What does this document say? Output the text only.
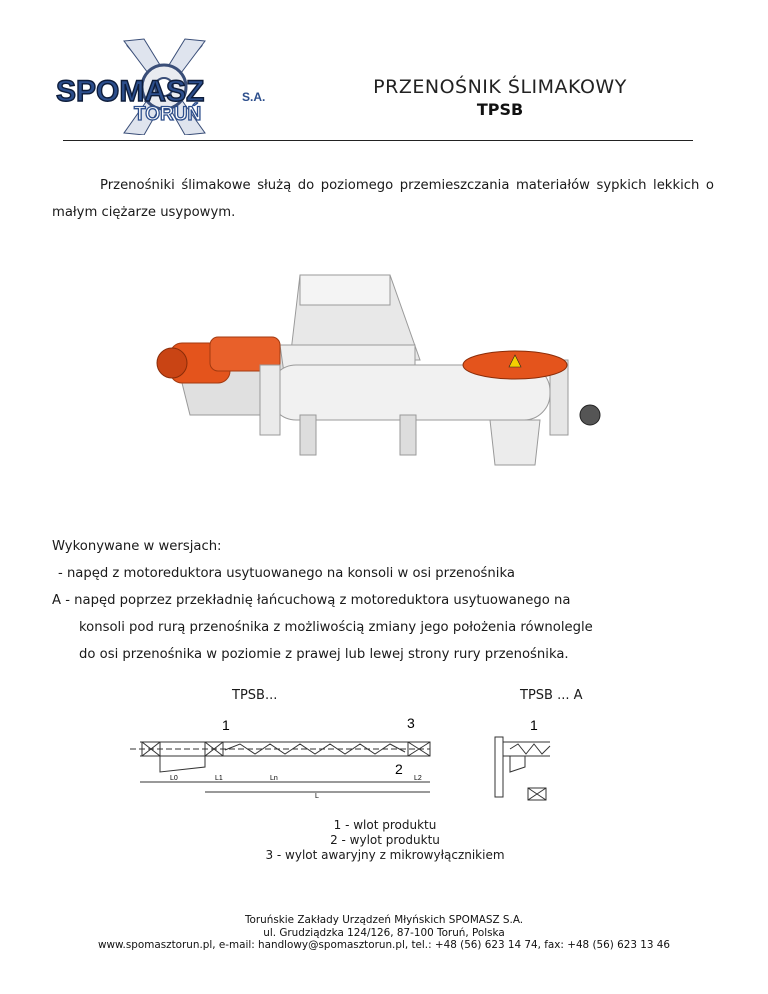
SPOMASZ	S.A.
TORUŃ
PRZENOŚNIK ŚLIMAKOWY
TPSB
Przenośniki ślimakowe służą do poziomego przemieszczania materiałów sypkich lekkich o małym ciężarze usypowym.
Wykonywane w wersjach:
- napęd z motoreduktora usytuowanego na konsoli w osi przenośnika
A - napęd poprzez przekładnię łańcuchową z motoreduktora usytuowanego na
konsoli pod rurą przenośnika z możliwością zmiany jego położenia równolegle
do osi przenośnika w poziomie z prawej lub lewej strony rury przenośnika.
TPSB...	TPSB ... A
1	3
2
L0	L1	Ln
L
L2
1
1 - wlot produktu
2 - wylot produktu
3 - wylot awaryjny z mikrowyłącznikiem
Toruńskie Zakłady Urządzeń Młyńskich SPOMASZ S.A.
ul. Grudziądzka 124/126, 87-100 Toruń, Polska
www.spomasztorun.pl, e-mail: handlowy@spomasztorun.pl, tel.: +48 (56) 623 14 74, fax: +48 (56) 623 13 46
